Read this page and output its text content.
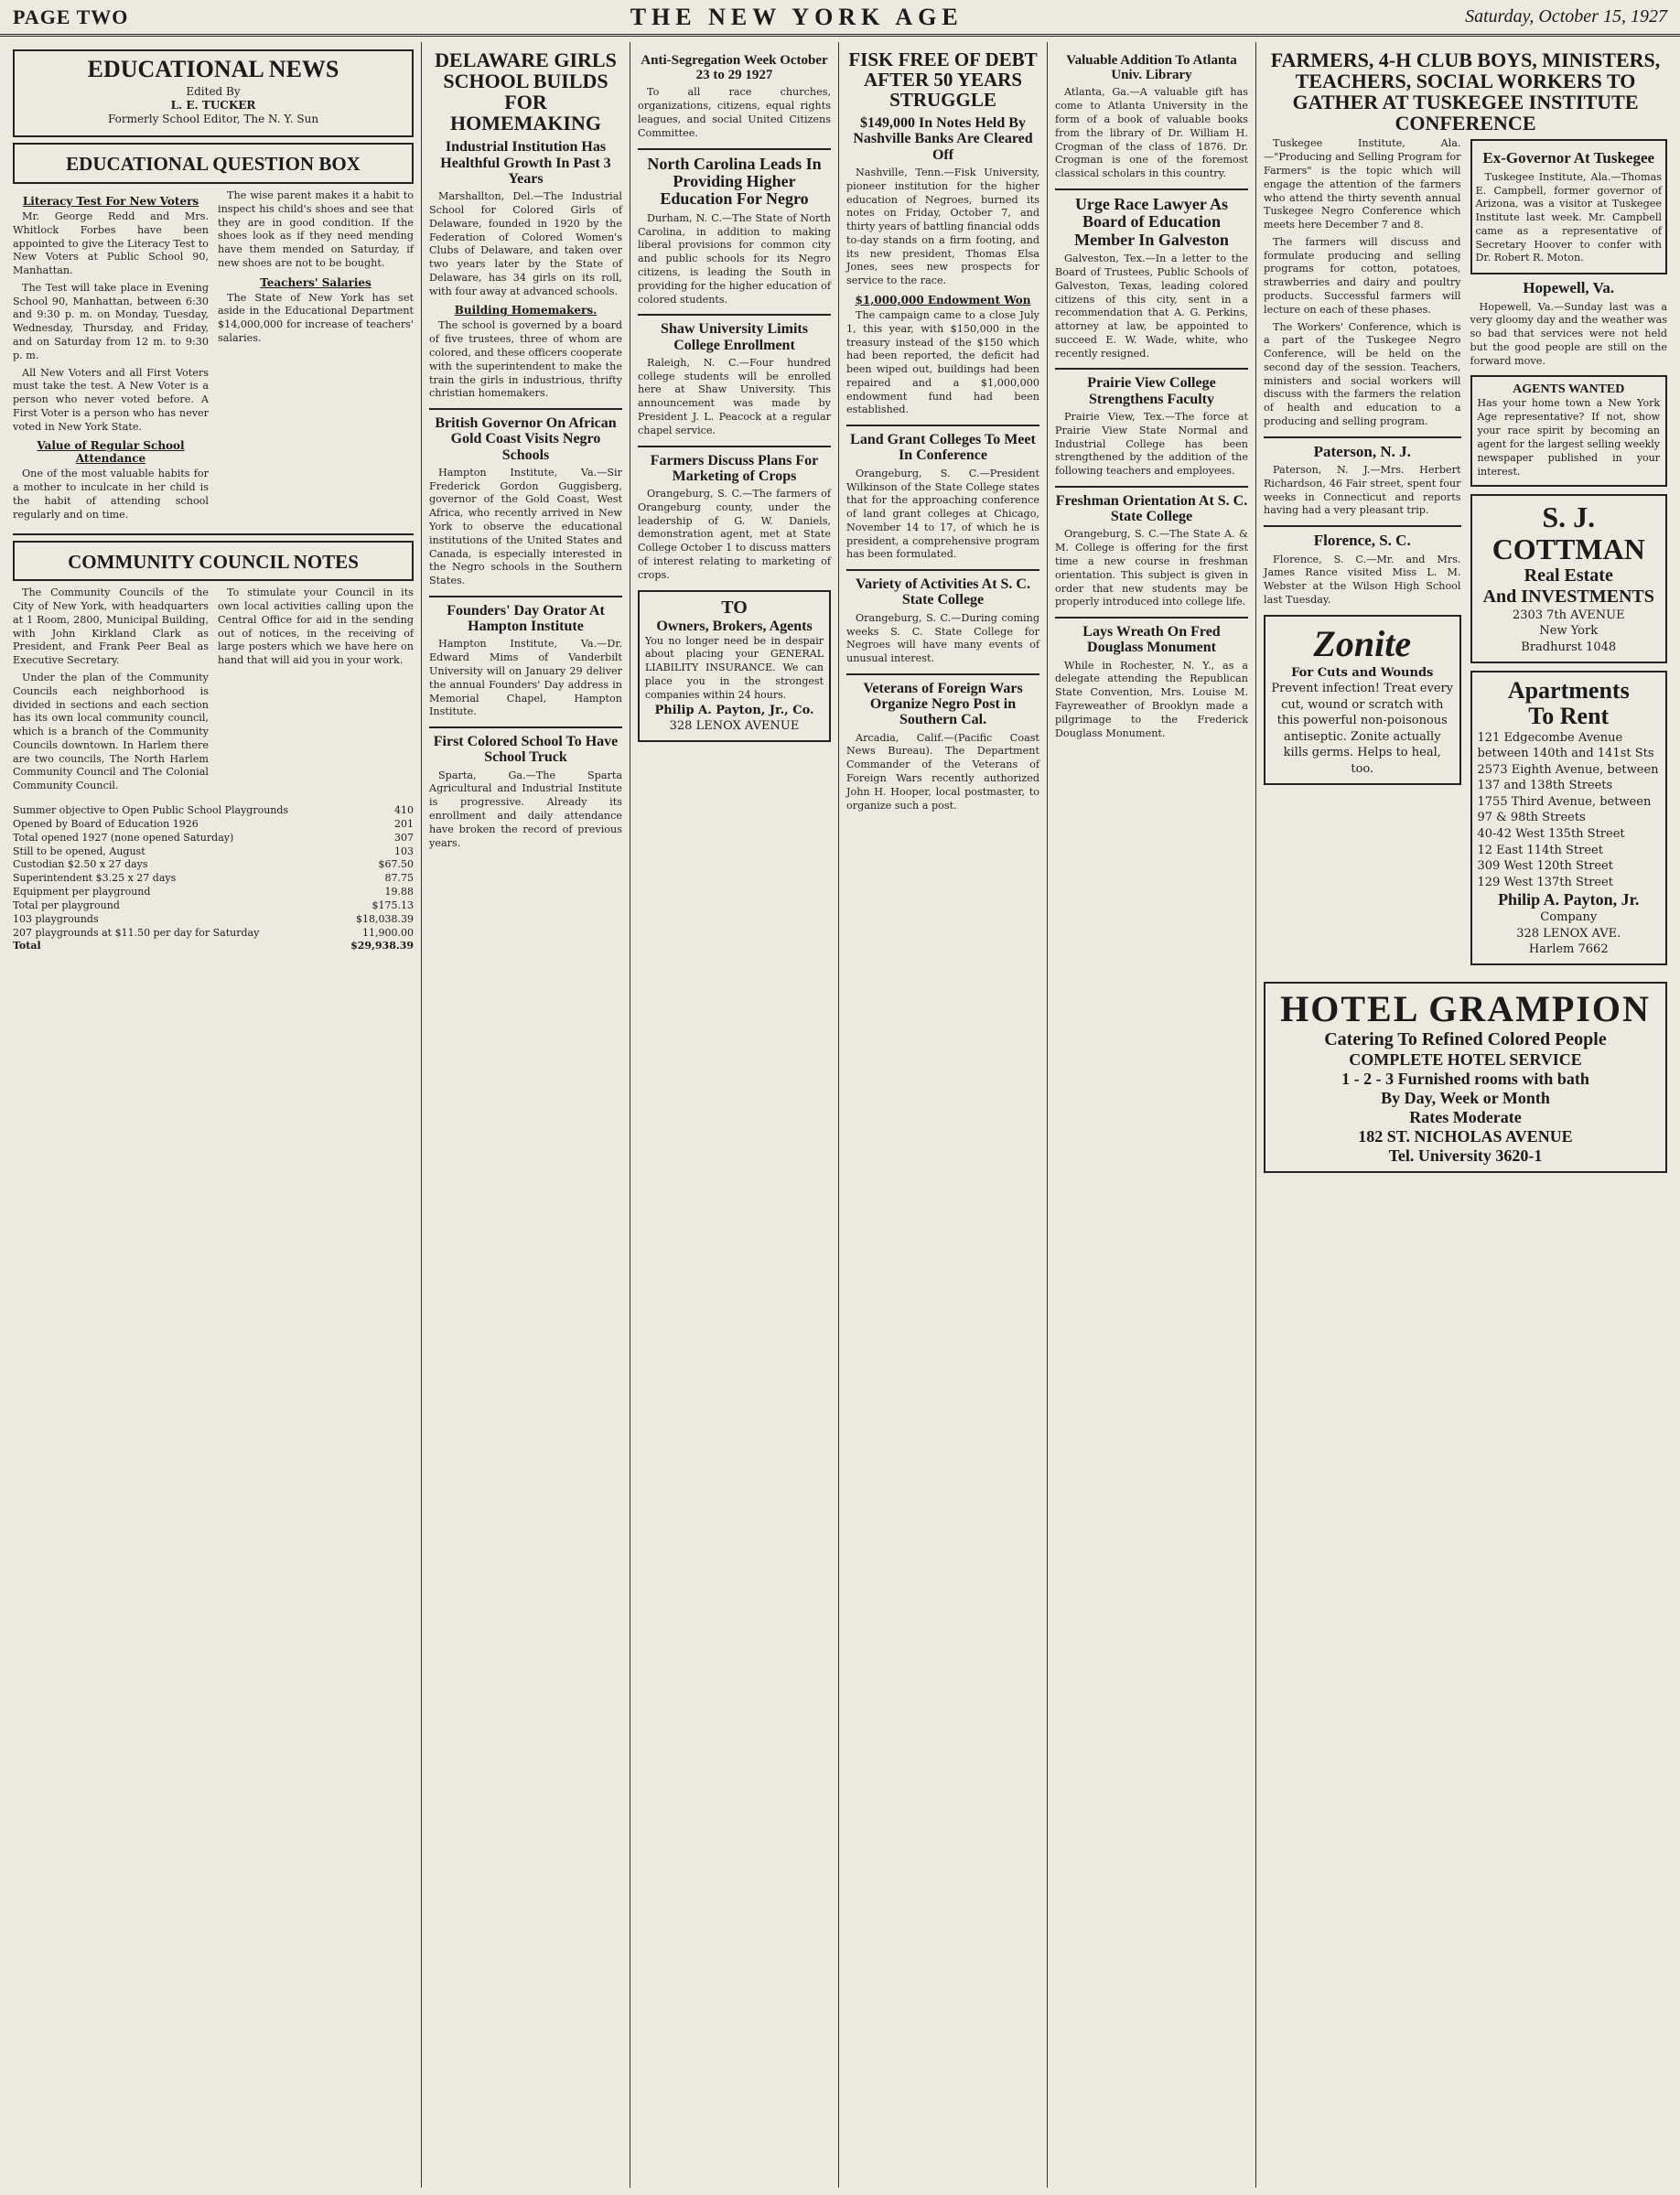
PAGE TWO	THE NEW YORK AGE	Saturday, October 15, 1927
EDUCATIONAL NEWS
Edited By
L. E. TUCKER
Formerly School Editor, The N. Y. Sun
EDUCATIONAL QUESTION BOX
Literacy Test For New Voters

Mr. George Redd and Mrs. Whitlock Forbes have been appointed to give the Literacy Test to New Voters at Public School 90, Manhattan.

The Test will take place in Evening School 90, Manhattan, between 6:30 and 9:30 p. m. on Monday, Tuesday, Wednesday, Thursday, and Friday, and on Saturday from 12 m. to 9:30 p. m.

All New Voters and all First Voters must take the test. A New Voter is a person who never voted before. A First Voter is a person who has never voted in New York State.

Value of Regular School Attendance

One of the most valuable habits for a mother to inculcate in her child is the habit of attending school regularly and on time.

The wise parent makes it a habit to inspect his child's shoes and see that they are in good condition. If the shoes look as if they need mending have them mended on Saturday, if new shoes are not to be bought.

Teachers' Salaries

The State of New York has set aside in the Educational Department $14,000,000 for increase of teachers' salaries.

COMMUNITY COUNCIL NOTES

The Community Councils of the City of New York, with headquarters at 1 Room, 2800, Municipal Building, with John Kirkland Clark as President, and Frank Peer Beal as Executive Secretary.

Under the plan of the Community Councils each neighborhood is divided in sections and each section has its own local community council, which is a branch of the Community Councils downtown. In Harlem there are two councils, The North Harlem Community Council and The Colonial Community Council.

To stimulate your Council in its own local activities calling upon the Central Office for aid in the sending out of notices, in the receiving of large posters which we have here on hand that will aid you in your work.

Summer objective to Open Public School Playgrounds	410
Opened by Board of Education 1926	201
Total opened 1927 (none opened Saturday)	307
Still to be opened, August	103
Custodian $2.50 x 27 days	$67.50
Superintendent $3.25 x 27 days	87.75
Equipment per playground	19.88
Total per playground	$175.13
103 playgrounds	$18,038.39
207 playgrounds at $11.50 per day for Saturday	11,900.00
Total	$29,938.39
DELAWARE GIRLS SCHOOL BUILDS FOR HOMEMAKING
Industrial Institution Has Healthful Growth In Past 3 Years

Marshallton, Del.—The Industrial School for Colored Girls of Delaware, founded in 1920 by the Federation of Colored Women's Clubs of Delaware, and taken over two years later by the State of Delaware, has 34 girls on its roll, with four away at advanced schools.

Building Homemakers.

The school is governed by a board of five trustees, three of whom are colored, and these officers cooperate with the superintendent to make the train the girls in industrious, thrifty christian homemakers.

British Governor On African Gold Coast Visits Negro Schools

Hampton Institute, Va.—Sir Frederick Gordon Guggisberg, governor of the Gold Coast, West Africa, who recently arrived in New York to observe the educational institutions of the United States and Canada, is especially interested in the Negro schools in the Southern States.

Founders' Day Orator At Hampton Institute

Hampton Institute, Va.—Dr. Edward Mims of Vanderbilt University will on January 29 deliver the annual Founders' Day address in Memorial Chapel, Hampton Institute.

First Colored School To Have School Truck

Sparta, Ga.—The Sparta Agricultural and Industrial Institute is progressive. Already its enrollment and daily attendance have broken the record of previous years.

Anti-Segregation Week October 23 to 29 1927

To all race churches, organizations, citizens, equal rights leagues, and social United Citizens Committee.

North Carolina Leads In Providing Higher Education For Negro

Durham, N. C.—The State of North Carolina, in addition to making liberal provisions for common city and public schools for its Negro citizens, is leading the South in providing for the higher education of colored students.

Shaw University Limits College Enrollment

Raleigh, N. C.—Four hundred college students will be enrolled here at Shaw University. This announcement was made by President J. L. Peacock at a regular chapel service.

Farmers Discuss Plans For Marketing of Crops

Orangeburg, S. C.—The farmers of Orangeburg county, under the leadership of G. W. Daniels, demonstration agent, met at State College October 1 to discuss matters of interest relating to marketing of crops.

TO
Owners, Brokers, Agents
You no longer need be in despair about placing your GENERAL LIABILITY INSURANCE. We can place you in the strongest companies within 24 hours.
Philip A. Payton, Jr., Co.
328 LENOX AVENUE
FISK FREE OF DEBT AFTER 50 YEARS STRUGGLE
$149,000 In Notes Held By Nashville Banks Are Cleared Off

Nashville, Tenn.—Fisk University, pioneer institution for the higher education of Negroes, burned its notes on Friday, October 7, and thirty years of battling financial odds to-day stands on a firm footing, and its new president, Thomas Elsa Jones, sees new prospects for service to the race.

$1,000,000 Endowment Won

The campaign came to a close July 1, this year, with $150,000 in the treasury instead of the $150 which had been reported, the deficit had been wiped out, buildings had been repaired and a $1,000,000 endowment fund had been established.

Land Grant Colleges To Meet In Conference

Orangeburg, S. C.—President Wilkinson of the State College states that for the approaching conference of land grant colleges at Chicago, November 14 to 17, of which he is president, a comprehensive program has been formulated.

Variety of Activities At S. C. State College

Orangeburg, S. C.—During coming weeks S. C. State College for Negroes will have many events of unusual interest.

Veterans of Foreign Wars Organize Negro Post in Southern Cal.

Arcadia, Calif.—(Pacific Coast News Bureau). The Department Commander of the Veterans of Foreign Wars recently authorized John H. Hooper, local postmaster, to organize such a post.

Valuable Addition To Atlanta Univ. Library

Atlanta, Ga.—A valuable gift has come to Atlanta University in the form of a book of valuable books from the library of Dr. William H. Crogman of the class of 1876. Dr. Crogman is one of the foremost classical scholars in this country.

Urge Race Lawyer As Board of Education Member In Galveston

Galveston, Tex.—In a letter to the Board of Trustees, Public Schools of Galveston, Texas, leading colored citizens of this city, sent in a recommendation that A. G. Perkins, attorney at law, be appointed to succeed E. W. Wade, white, who recently resigned.

Prairie View College Strengthens Faculty

Prairie View, Tex.—The force at Prairie View State Normal and Industrial College has been strengthened by the addition of the following teachers and employees.

Freshman Orientation At S. C. State College

Orangeburg, S. C.—The State A. & M. College is offering for the first time a new course in freshman orientation. This subject is given in order that new students may be properly introduced into college life.

Lays Wreath On Fred Douglass Monument

While in Rochester, N. Y., as a delegate attending the Republican State Convention, Mrs. Louise M. Fayreweather of Brooklyn made a pilgrimage to the Frederick Douglass Monument.

FARMERS, 4-H CLUB BOYS, MINISTERS, TEACHERS, SOCIAL WORKERS TO GATHER AT TUSKEGEE INSTITUTE CONFERENCE

Tuskegee Institute, Ala.—"Producing and Selling Program for Farmers" is the topic which will engage the attention of the farmers who attend the thirty seventh annual Tuskegee Negro Conference which meets here December 7 and 8.

The farmers will discuss and formulate producing and selling programs for cotton, potatoes, strawberries and dairy and poultry products. Successful farmers will lecture on each of these phases.

The Workers' Conference, which is a part of the Tuskegee Negro Conference, will be held on the second day of the session. Teachers, ministers and social workers will discuss with the farmers the relation of health and education to a producing and selling program.

Paterson, N. J.

Paterson, N. J.—Mrs. Herbert Richardson, 46 Fair street, spent four weeks in Connecticut and reports having had a very pleasant trip.

Florence, S. C.

Florence, S. C.—Mr. and Mrs. James Rance visited Miss L. M. Webster at the Wilson High School last Tuesday.

Zonite
For Cuts and Wounds
Prevent infection! Treat every cut, wound or scratch with this powerful non-poisonous antiseptic. Zonite actually kills germs. Helps to heal, too.
Ex-Governor At Tuskegee

Tuskegee Institute, Ala.—Thomas E. Campbell, former governor of Arizona, was a visitor at Tuskegee Institute last week. Mr. Campbell came as a representative of Secretary Hoover to confer with Dr. Robert R. Moton.

Hopewell, Va.

Hopewell, Va.—Sunday last was a very gloomy day and the weather was so bad that services were not held but the good people are still on the forward move.

AGENTS WANTED
Has your home town a New York Age representative? If not, show your race spirit by becoming an agent for the largest selling weekly newspaper published in your interest.
S. J. COTTMAN
Real Estate
And INVESTMENTS
2303 7th AVENUE
New York
Bradhurst 1048
Apartments
To Rent
121 Edgecombe Avenue between 140th and 141st Sts
2573 Eighth Avenue, between 137 and 138th Streets
1755 Third Avenue, between 97 & 98th Streets
40-42 West 135th Street
12 East 114th Street
309 West 120th Street
129 West 137th Street
Philip A. Payton, Jr.
Company
328 LENOX AVE.
Harlem 7662
HOTEL GRAMPION
Catering To Refined Colored People
COMPLETE HOTEL SERVICE
1 - 2 - 3 Furnished rooms with bath
By Day, Week or Month
Rates Moderate
182 ST. NICHOLAS AVENUE
Tel. University 3620-1
